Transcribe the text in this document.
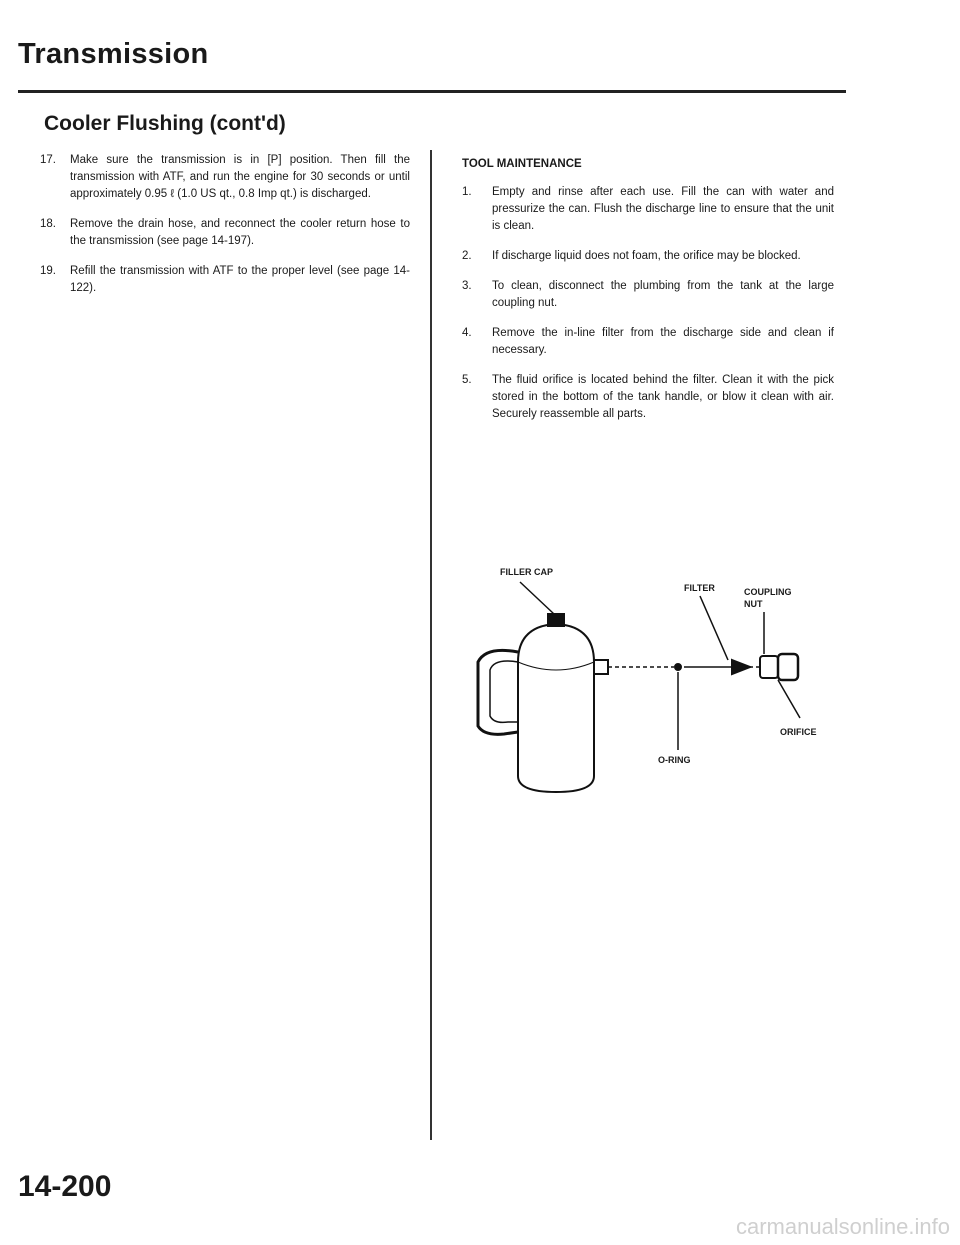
Transmission
Cooler Flushing (cont'd)
17.	Make sure the transmission is in [P] position. Then fill the transmission with ATF, and run the engine for 30 seconds or until approximately 0.95 ℓ (1.0 US qt., 0.8 Imp qt.) is discharged.
18.	Remove the drain hose, and reconnect the cooler return hose to the transmission (see page 14-197).
19.	Refill the transmission with ATF to the proper level (see page 14-122).
TOOL MAINTENANCE
1.	Empty and rinse after each use. Fill the can with water and pressurize the can. Flush the discharge line to ensure that the unit is clean.
2.	If discharge liquid does not foam, the orifice may be blocked.
3.	To clean, disconnect the plumbing from the tank at the large coupling nut.
4.	Remove the in-line filter from the discharge side and clean if necessary.
5.	The fluid orifice is located behind the filter. Clean it with the pick stored in the bottom of the tank handle, or blow it clean with air. Securely reassemble all parts.
FILLER CAP
FILTER	COUPLING
NUT
ORIFICE
O-RING
14-200
carmanualsonline.info
